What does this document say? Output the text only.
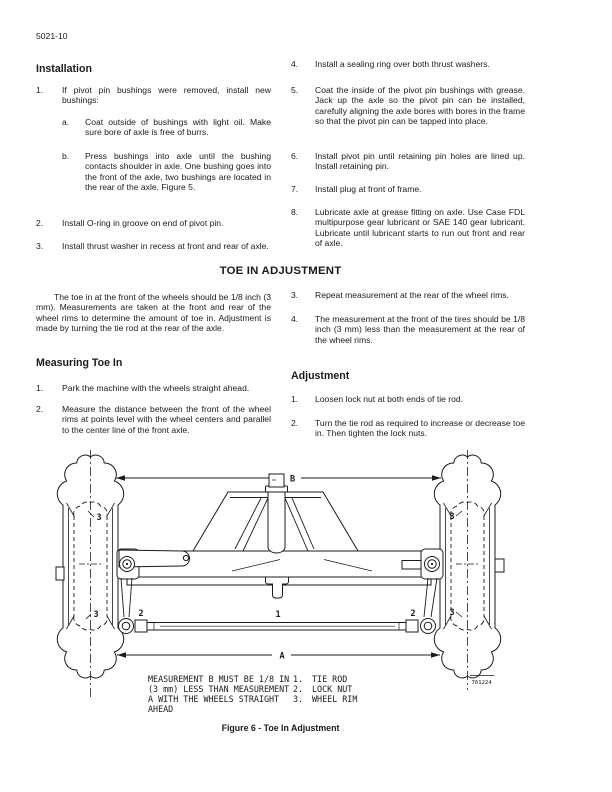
5021-10
Installation
1.	If pivot pin bushings were removed, install new bushings:
a.	Coat outside of bushings with light oil. Make sure bore of axle is free of burrs.
b.	Press bushings into axle until the bushing contacts shoulder in axle. One bushing goes into the front of the axle, two bushings are located in the rear of the axle, Figure 5.
2.	Install O-ring in groove on end of pivot pin.
3.	Install thrust washer in recess at front and rear of axle.
4.	Install a sealing ring over both thrust washers.
5.	Coat the inside of the pivot pin bushings with grease. Jack up the axle so the pivot pin can be installed, carefully aligning the axle bores with bores in the frame so that the pivot pin can be tapped into place.
6.	Install pivot pin until retaining pin holes are lined up. Install retaining pin.
7.	Install plug at front of frame.
8.	Lubricate axle at grease fitting on axle. Use Case FDL multipurpose gear lubricant or SAE 140 gear lubricant. Lubricate until lubricant starts to run out front and rear of axle.
TOE IN ADJUSTMENT
The toe in at the front of the wheels should be 1/8 inch (3 mm). Measurements are taken at the front and rear of the wheel rims to determine the amount of toe in. Adjustment is made by turning the tie rod at the rear of the axle.
Measuring Toe In
1.	Park the machine with the wheels straight ahead.
2.	Measure the distance between the front of the wheel rims at points level with the wheel centers and parallel to the center line of the front axle.
3.	Repeat measurement at the rear of the wheel rims.
4.	The measurement at the front of the tires should be 1/8 inch (3 mm) less than the measurement at the rear of the wheel rims.
Adjustment
1.	Loosen lock nut at both ends of tie rod.
2.	Turn the tie rod as required to increase or decrease toe in. Then tighten the lock nuts.
B
A
1
2	2
3
3
3
3
MEASUREMENT B MUST BE 1/8 IN
(3 mm) LESS THAN MEASUREMENT
A WITH THE WHEELS STRAIGHT
AHEAD
1. TIE ROD
2. LOCK NUT
3. WHEEL RIM
761224
Figure 6 - Toe In Adjustment
